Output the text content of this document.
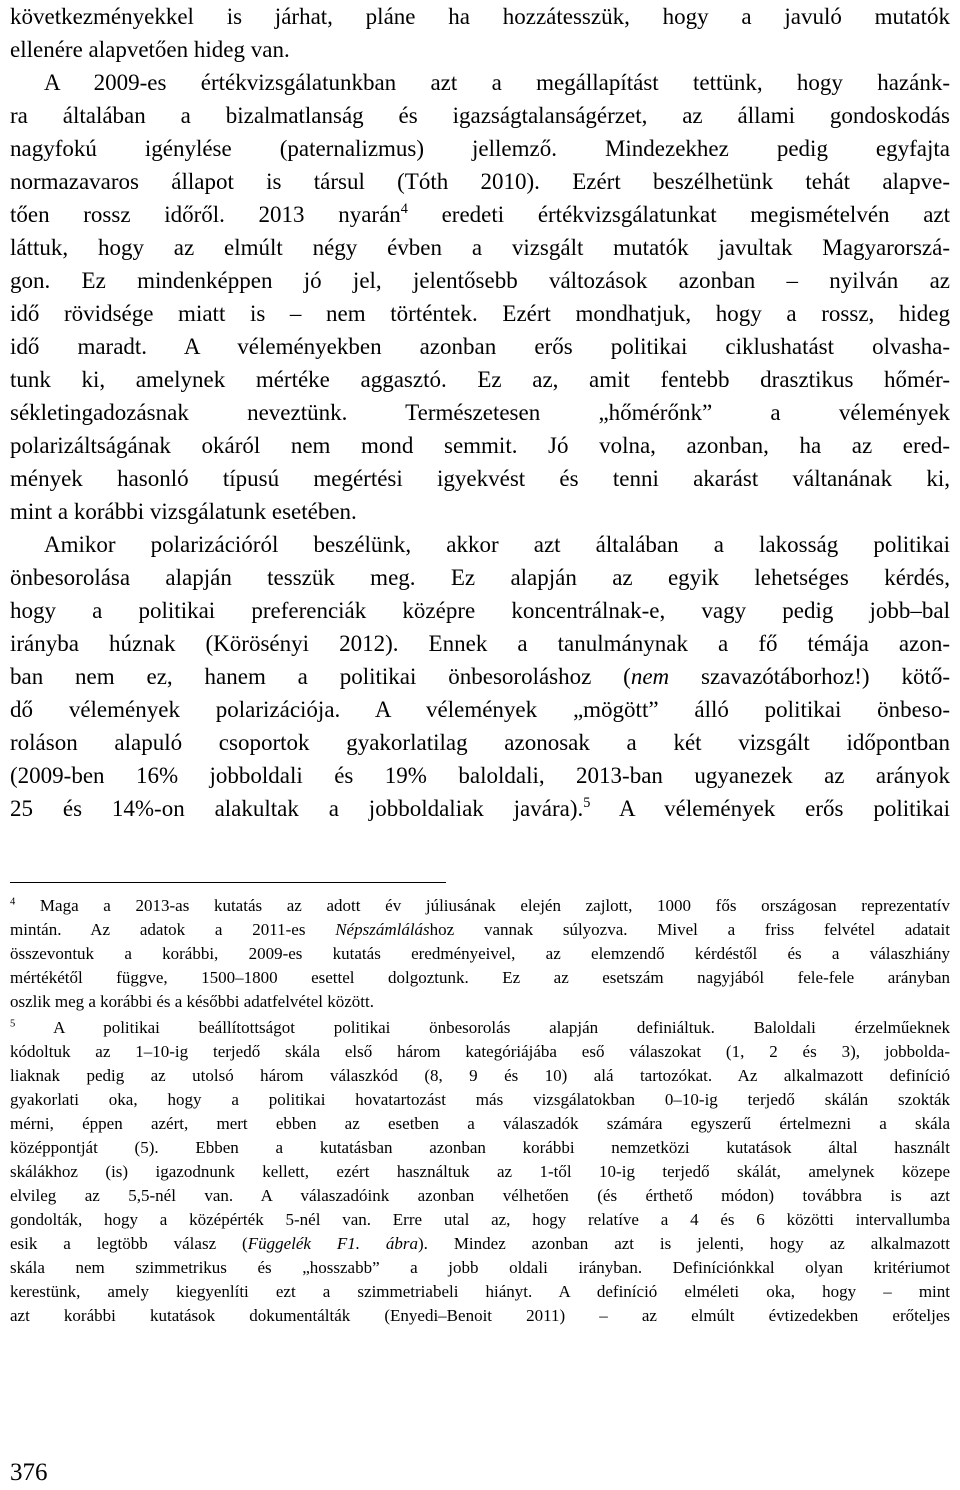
következményekkel is járhat, pláne ha hozzátesszük, hogy a javuló mutatók
ellenére alapvetően hideg van.
A 2009-es értékvizsgálatunkban azt a megállapítást tettünk, hogy hazánk-
ra általában a bizalmatlanság és igazságtalanságérzet, az állami gondoskodás
nagyfokú igénylése (paternalizmus) jellemző. Mindezekhez pedig egyfajta
normazavaros állapot is társul (Tóth 2010). Ezért beszélhetünk tehát alapve-
tően rossz időről. 2013 nyarán$^4$ eredeti értékvizsgálatunkat megismételvén azt
láttuk, hogy az elmúlt négy évben a vizsgált mutatók javultak Magyarorszá-
gon. Ez mindenképpen jó jel, jelentősebb változások azonban – nyilván az
idő rövidsége miatt is – nem történtek. Ezért mondhatjuk, hogy a rossz, hideg
idő maradt. A véleményekben azonban erős politikai ciklushatást olvasha-
tunk ki, amelynek mértéke aggasztó. Ez az, amit fentebb drasztikus hőmér-
sékletingadozásnak neveztünk. Természetesen „hőmérőnk” a vélemények
polarizáltságának okáról nem mond semmit. Jó volna, azonban, ha az ered-
mények hasonló típusú megértési igyekvést és tenni akarást váltanának ki,
mint a korábbi vizsgálatunk esetében.
Amikor polarizációról beszélünk, akkor azt általában a lakosság politikai
önbesorolása alapján tesszük meg. Ez alapján az egyik lehetséges kérdés,
hogy a politikai preferenciák középre koncentrálnak-e, vagy pedig jobb–bal
irányba húznak (Körösényi 2012). Ennek a tanulmánynak a fő témája azon-
ban nem ez, hanem a politikai önbesoroláshoz (nem szavazótáborhoz!) kötő-
dő vélemények polarizációja. A vélemények „mögött” álló politikai önbeso-
roláson alapuló csoportok gyakorlatilag azonosak a két vizsgált időpontban
(2009-ben 16% jobboldali és 19% baloldali, 2013-ban ugyanezek az arányok
25 és 14%-on alakultak a jobboldaliak javára).$^5$ A vélemények erős politikai
$^4$ Maga a 2013-as kutatás az adott év júliusának elején zajlott, 1000 fős országosan reprezentatív
mintán. Az adatok a 2011-es Népszámláláshoz vannak súlyozva. Mivel a friss felvétel adatait
összevontuk a korábbi, 2009-es kutatás eredményeivel, az elemzendő kérdéstől és a válaszhiány
mértékétől függve, 1500–1800 esettel dolgoztunk. Ez az esetszám nagyjából fele-fele arányban
oszlik meg a korábbi és a későbbi adatfelvétel között.
$^5$ A politikai beállítottságot politikai önbesorolás alapján definiáltuk. Baloldali érzelműeknek
kódoltuk az 1–10-ig terjedő skála első három kategóriájába eső válaszokat (1, 2 és 3), jobbolda-
liaknak pedig az utolsó három válaszkód (8, 9 és 10) alá tartozókat. Az alkalmazott definíció
gyakorlati oka, hogy a politikai hovatartozást más vizsgálatokban 0–10-ig terjedő skálán szokták
mérni, éppen azért, mert ebben az esetben a válaszadók számára egyszerű értelmezni a skála
középpontját (5). Ebben a kutatásban azonban korábbi nemzetközi kutatások által használt
skálákhoz (is) igazodnunk kellett, ezért használtuk az 1-től 10-ig terjedő skálát, amelynek közepe
elvileg az 5,5-nél van. A válaszadóink azonban vélhetően (és érthető módon) továbbra is azt
gondolták, hogy a középérték 5-nél van. Erre utal az, hogy relatíve a 4 és 6 közötti intervallumba
esik a legtöbb válasz (Függelék F1. ábra). Mindez azonban azt is jelenti, hogy az alkalmazott
skála nem szimmetrikus és „hosszabb” a jobb oldali irányban. Definíciónkkal olyan kritériumot
kerestünk, amely kiegyenlíti ezt a szimmetriabeli hiányt. A definíció elméleti oka, hogy – mint
azt korábbi kutatások dokumentálták (Enyedi–Benoit 2011) – az elmúlt évtizedekben erőteljes
376
